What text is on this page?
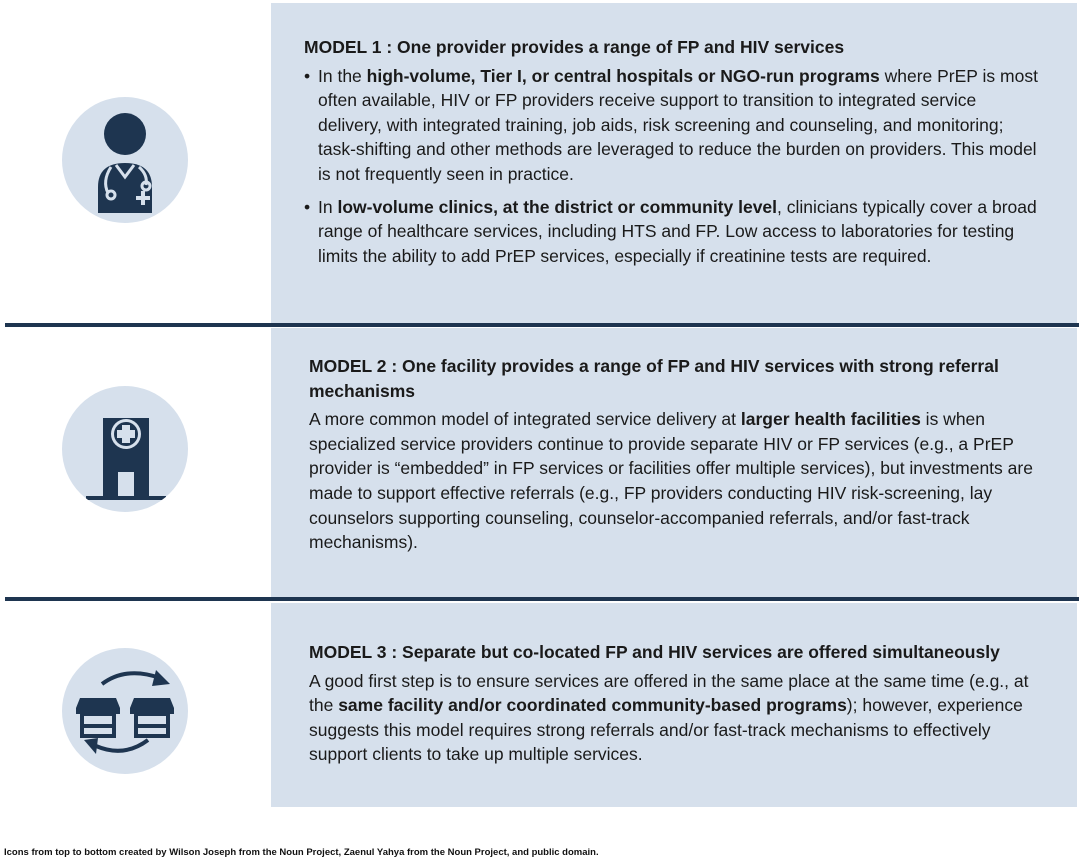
MODEL 1 : One provider provides a range of FP and HIV services
• In the high-volume, Tier I, or central hospitals or NGO-run programs where PrEP is most often available, HIV or FP providers receive support to transition to integrated service delivery, with integrated training, job aids, risk screening and counseling, and monitoring; task-shifting and other methods are leveraged to reduce the burden on providers. This model is not frequently seen in practice.
• In low-volume clinics, at the district or community level, clinicians typically cover a broad range of healthcare services, including HTS and FP. Low access to laboratories for testing limits the ability to add PrEP services, especially if creatinine tests are required.
MODEL 2 : One facility provides a range of FP and HIV services with strong referral mechanisms

A more common model of integrated service delivery at larger health facilities is when specialized service providers continue to provide separate HIV or FP services (e.g., a PrEP provider is “embedded” in FP services or facilities offer multiple services), but investments are made to support effective referrals (e.g., FP providers conducting HIV risk-screening, lay counselors supporting counseling, counselor-accompanied referrals, and/or fast-track mechanisms).

MODEL 3 : Separate but co-located FP and HIV services are offered simultaneously

A good first step is to ensure services are offered in the same place at the same time (e.g., at the same facility and/or coordinated community-based programs); however, experience suggests this model requires strong referrals and/or fast-track mechanisms to effectively support clients to take up multiple services.

Icons from top to bottom created by Wilson Joseph from the Noun Project, Zaenul Yahya from the Noun Project, and public domain.
